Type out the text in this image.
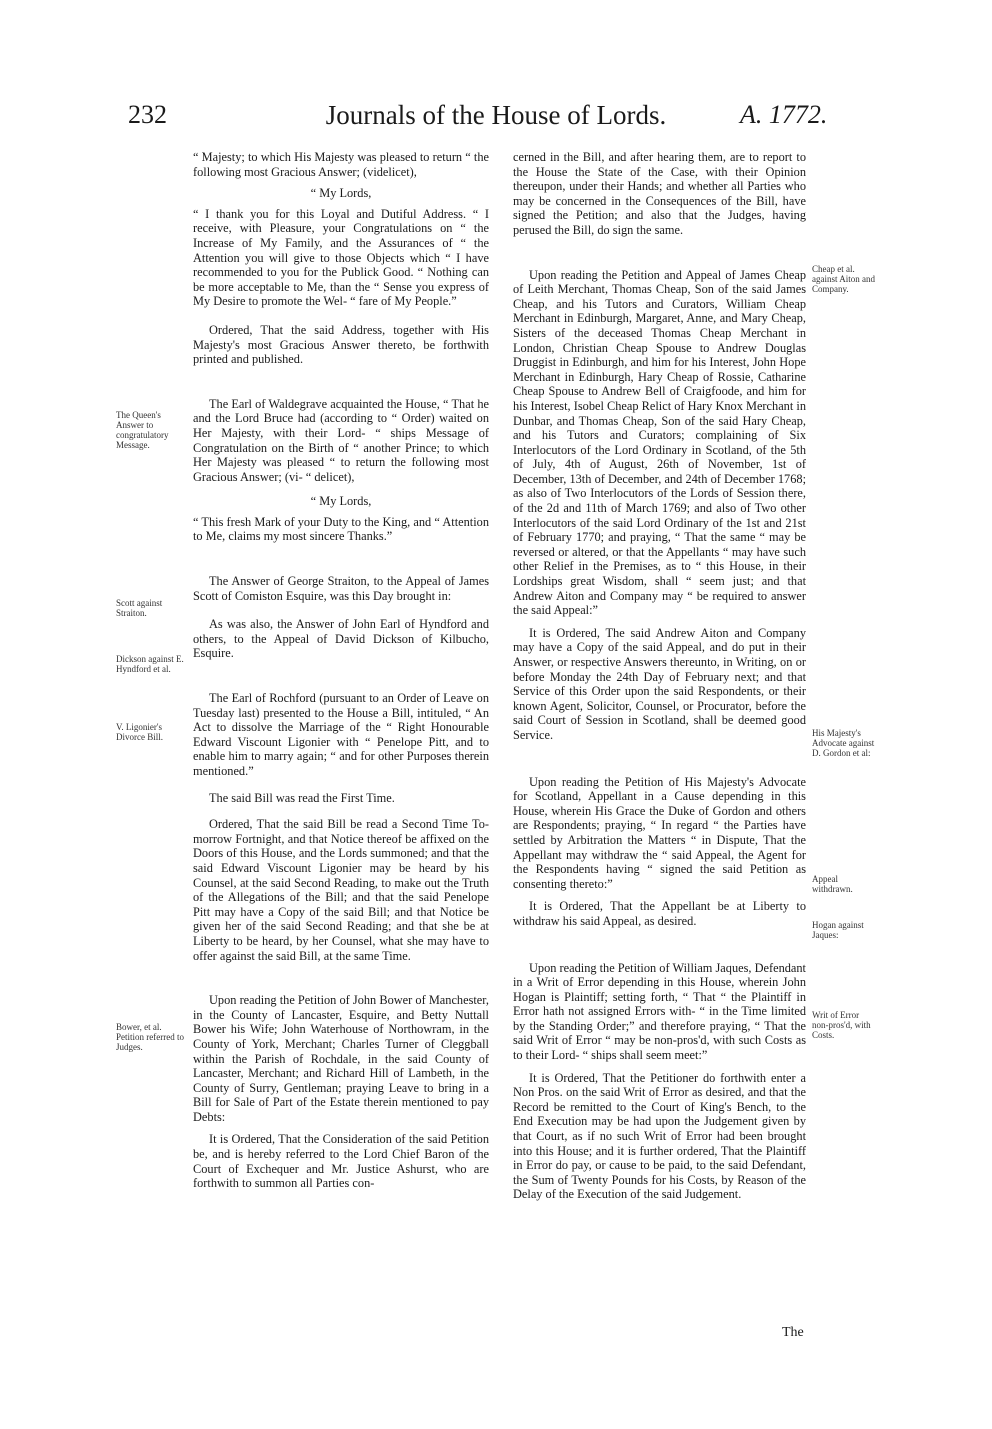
232	Journals of the House of Lords.	A. 1772.

“ Majesty; to which His Majesty was pleased to return “ the following most Gracious Answer; (videlicet),

“ My Lords,

“ I thank you for this Loyal and Dutiful Address. “ I receive, with Pleasure, your Congratulations on “ the Increase of My Family, and the Assurances of “ the Attention you will give to those Objects which “ I have recommended to you for the Publick Good. “ Nothing can be more acceptable to Me, than the “ Sense you express of My Desire to promote the Wel- “ fare of My People.”

Ordered, That the said Address, together with His Majesty's most Gracious Answer thereto, be forthwith printed and published.

The Earl of Waldegrave acquainted the House, “ That he and the Lord Bruce had (according to “ Order) waited on Her Majesty, with their Lord- “ ships Message of Congratulation on the Birth of “ another Prince; to which Her Majesty was pleased “ to return the following most Gracious Answer; (vi- “ delicet),

“ My Lords,

“ This fresh Mark of your Duty to the King, and “ Attention to Me, claims my most sincere Thanks.”

The Answer of George Straiton, to the Appeal of James Scott of Comiston Esquire, was this Day brought in:

As was also, the Answer of John Earl of Hyndford and others, to the Appeal of David Dickson of Kilbucho, Esquire.

The Earl of Rochford (pursuant to an Order of Leave on Tuesday last) presented to the House a Bill, intituled, “ An Act to dissolve the Marriage of the “ Right Honourable Edward Viscount Ligonier with “ Penelope Pitt, and to enable him to marry again; “ and for other Purposes therein mentioned.”

The said Bill was read the First Time.

Ordered, That the said Bill be read a Second Time To-morrow Fortnight, and that Notice thereof be affixed on the Doors of this House, and the Lords summoned; and that the said Edward Viscount Ligonier may be heard by his Counsel, at the said Second Reading, to make out the Truth of the Allegations of the Bill; and that the said Penelope Pitt may have a Copy of the said Bill; and that Notice be given her of the said Second Reading; and that she be at Liberty to be heard, by her Counsel, what she may have to offer against the said Bill, at the same Time.

Upon reading the Petition of John Bower of Manchester, in the County of Lancaster, Esquire, and Betty Nuttall Bower his Wife; John Waterhouse of Northowram, in the County of York, Merchant; Charles Turner of Cleggball within the Parish of Rochdale, in the said County of Lancaster, Merchant; and Richard Hill of Lambeth, in the County of Surry, Gentleman; praying Leave to bring in a Bill for Sale of Part of the Estate therein mentioned to pay Debts:

It is Ordered, That the Consideration of the said Petition be, and is hereby referred to the Lord Chief Baron of the Court of Exchequer and Mr. Justice Ashurst, who are forthwith to summon all Parties con-

cerned in the Bill, and after hearing them, are to report to the House the State of the Case, with their Opinion thereupon, under their Hands; and whether all Parties who may be concerned in the Consequences of the Bill, have signed the Petition; and also that the Judges, having perused the Bill, do sign the same.

Upon reading the Petition and Appeal of James Cheap of Leith Merchant, Thomas Cheap, Son of the said James Cheap, and his Tutors and Curators, William Cheap Merchant in Edinburgh, Margaret, Anne, and Mary Cheap, Sisters of the deceased Thomas Cheap Merchant in London, Christian Cheap Spouse to Andrew Douglas Druggist in Edinburgh, and him for his Interest, John Hope Merchant in Edinburgh, Hary Cheap of Rossie, Catharine Cheap Spouse to Andrew Bell of Craigfoode, and him for his Interest, Isobel Cheap Relict of Hary Knox Merchant in Dunbar, and Thomas Cheap, Son of the said Hary Cheap, and his Tutors and Curators; complaining of Six Interlocutors of the Lord Ordinary in Scotland, of the 5th of July, 4th of August, 26th of November, 1st of December, 13th of December, and 24th of December 1768; as also of Two Interlocutors of the Lords of Session there, of the 2d and 11th of March 1769; and also of Two other Interlocutors of the said Lord Ordinary of the 1st and 21st of February 1770; and praying, “ That the same “ may be reversed or altered, or that the Appellants “ may have such other Relief in the Premises, as to “ this House, in their Lordships great Wisdom, shall “ seem just; and that Andrew Aiton and Company may “ be required to answer the said Appeal:”

It is Ordered, The said Andrew Aiton and Company may have a Copy of the said Appeal, and do put in their Answer, or respective Answers thereunto, in Writing, on or before Monday the 24th Day of February next; and that Service of this Order upon the said Respondents, or their known Agent, Solicitor, Counsel, or Procurator, before the said Court of Session in Scotland, shall be deemed good Service.

Upon reading the Petition of His Majesty's Advocate for Scotland, Appellant in a Cause depending in this House, wherein His Grace the Duke of Gordon and others are Respondents; praying, “ In regard “ the Parties have settled by Arbitration the Matters “ in Dispute, That the Appellant may withdraw the “ said Appeal, the Agent for the Respondents having “ signed the said Petition as consenting thereto:”

It is Ordered, That the Appellant be at Liberty to withdraw his said Appeal, as desired.

Upon reading the Petition of William Jaques, Defendant in a Writ of Error depending in this House, wherein John Hogan is Plaintiff; setting forth, “ That “ the Plaintiff in Error hath not assigned Errors with- “ in the Time limited by the Standing Order;” and therefore praying, “ That the said Writ of Error “ may be non-pros'd, with such Costs as to their Lord- “ ships shall seem meet:”

It is Ordered, That the Petitioner do forthwith enter a Non Pros. on the said Writ of Error as desired, and that the Record be remitted to the Court of King's Bench, to the End Execution may be had upon the Judgement given by that Court, as if no such Writ of Error had been brought into this House; and it is further ordered, That the Plaintiff in Error do pay, or cause to be paid, to the said Defendant, the Sum of Twenty Pounds for his Costs, by Reason of the Delay of the Execution of the said Judgement.

The Queen's Answer to congratulatory Message.
Scott against Straiton.
Dickson against E. Hyndford et al.
V. Ligonier's Divorce Bill.
Bower, et al. Petition referred to Judges.
Cheap et al. against Aiton and Company.
His Majesty's Advocate against D. Gordon et al:
Appeal withdrawn.
Hogan against Jaques:
Writ of Error non-pros'd, with Costs.
The
